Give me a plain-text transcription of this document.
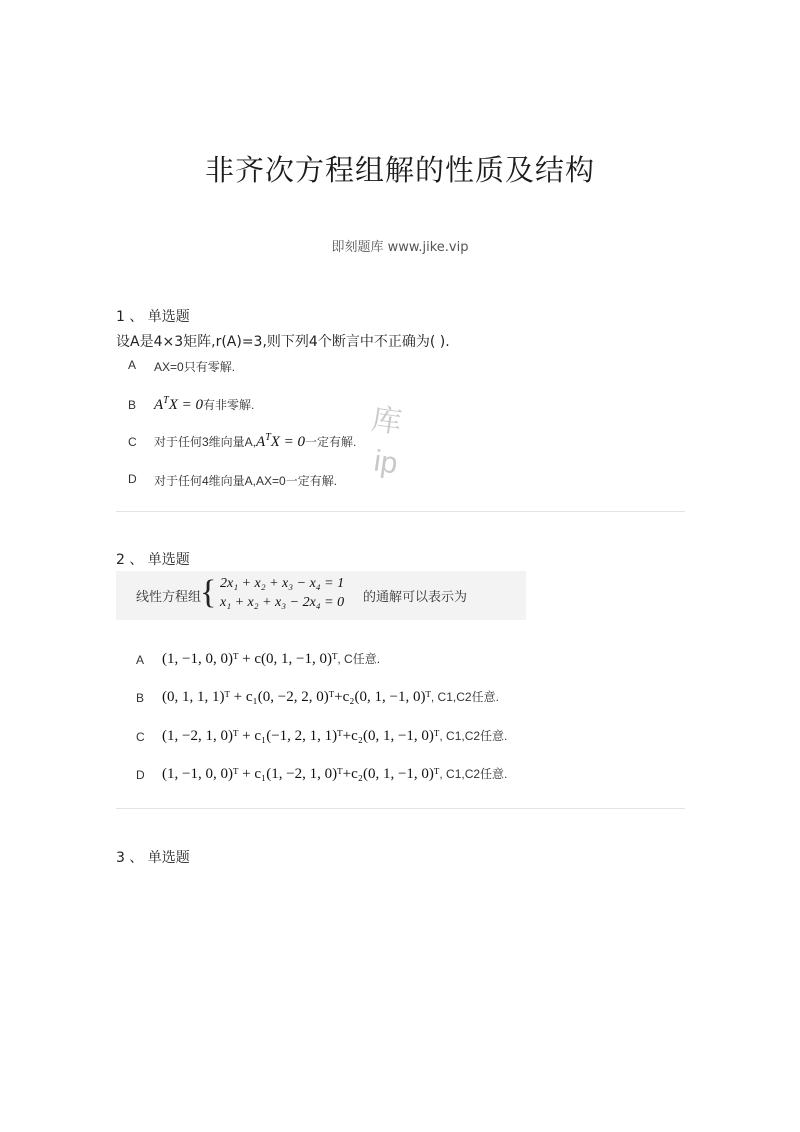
非齐次方程组解的性质及结构
即刻题库 www.jike.vip
1 、 单选题
设A是4×3矩阵,r(A)=3,则下列4个断言中不正确为( ).
A AX=0只有零解.
B $A^TX = 0$有非零解.
C 对于任何3维向量$A,A^TX = 0$一定有解.
D 对于任何4维向量A,AX=0一定有解.
库
ip
2 、 单选题
线性方程组
{ 2x₁ + x₂ + x₃ − x₄ = 1
x₁ + x₂ + x₃ − 2x₄ = 0 的通解可以表示为
A (1, −1, 0, 0)ᵀ + c(0, 1, −1, 0)ᵀ, C任意.
B (0, 1, 1, 1)ᵀ + c₁(0, −2, 2, 0)ᵀ+c₂(0, 1, −1, 0)ᵀ, C1,C2任意.
C (1, −2, 1, 0)ᵀ + c₁(−1, 2, 1, 1)ᵀ+c₂(0, 1, −1, 0)ᵀ, C1,C2任意.
D (1, −1, 0, 0)ᵀ + c₁(1, −2, 1, 0)ᵀ+c₂(0, 1, −1, 0)ᵀ, C1,C2任意.
3 、 单选题
